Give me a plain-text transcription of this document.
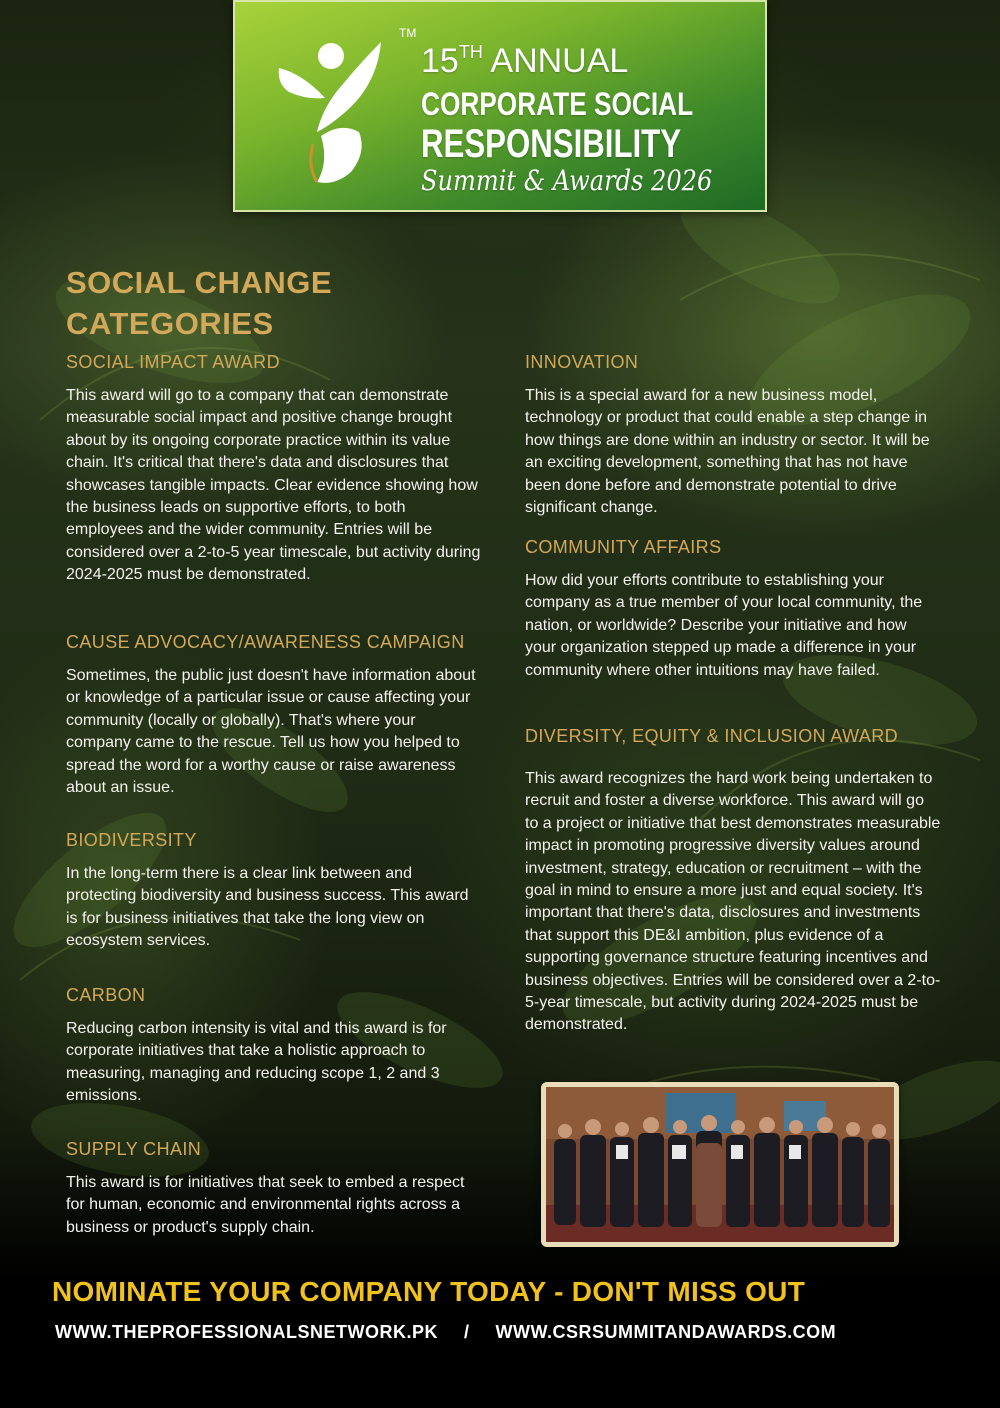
TM
15TH ANNUAL
CORPORATE SOCIAL
RESPONSIBILITY
Summit & Awards 2026
SOCIAL CHANGE CATEGORIES
SOCIAL IMPACT AWARD
This award will go to a company that can demonstrate measurable social impact and positive change brought about by its ongoing corporate practice within its value chain. It's critical that there's data and disclosures that showcases tangible impacts. Clear evidence showing how the business leads on supportive efforts, to both employees and the wider community. Entries will be considered over a 2-to-5 year timescale, but activity during 2024-2025 must be demonstrated.
CAUSE ADVOCACY/AWARENESS CAMPAIGN
Sometimes, the public just doesn't have information about or knowledge of a particular issue or cause affecting your community (locally or globally). That's where your company came to the rescue. Tell us how you helped to spread the word for a worthy cause or raise awareness about an issue.
BIODIVERSITY
In the long-term there is a clear link between and protecting biodiversity and business success. This award is for business initiatives that take the long view on ecosystem services.
CARBON
Reducing carbon intensity is vital and this award is for corporate initiatives that take a holistic approach to measuring, managing and reducing scope 1, 2 and 3 emissions.
SUPPLY CHAIN
This award is for initiatives that seek to embed a respect for human, economic and environmental rights across a business or product's supply chain.
INNOVATION
This is a special award for a new business model, technology or product that could enable a step change in how things are done within an industry or sector. It will be an exciting development, something that has not have been done before and demonstrate potential to drive significant change.
COMMUNITY AFFAIRS
How did your efforts contribute to establishing your company as a true member of your local community, the nation, or worldwide? Describe your initiative and how your organization stepped up made a difference in your community where other intuitions may have failed.
DIVERSITY, EQUITY & INCLUSION AWARD
This award recognizes the hard work being undertaken to recruit and foster a diverse workforce. This award will go to a project or initiative that best demonstrates measurable impact in promoting progressive diversity values around investment, strategy, education or recruitment – with the goal in mind to ensure a more just and equal society. It's important that there's data, disclosures and investments that support this DE&I ambition, plus evidence of a supporting governance structure featuring incentives and business objectives. Entries will be considered over a 2-to-5-year timescale, but activity during 2024-2025 must be demonstrated.
NOMINATE YOUR COMPANY TODAY - DON'T MISS OUT
WWW.THEPROFESSIONALSNETWORK.PK / WWW.CSRSUMMITANDAWARDS.COM
